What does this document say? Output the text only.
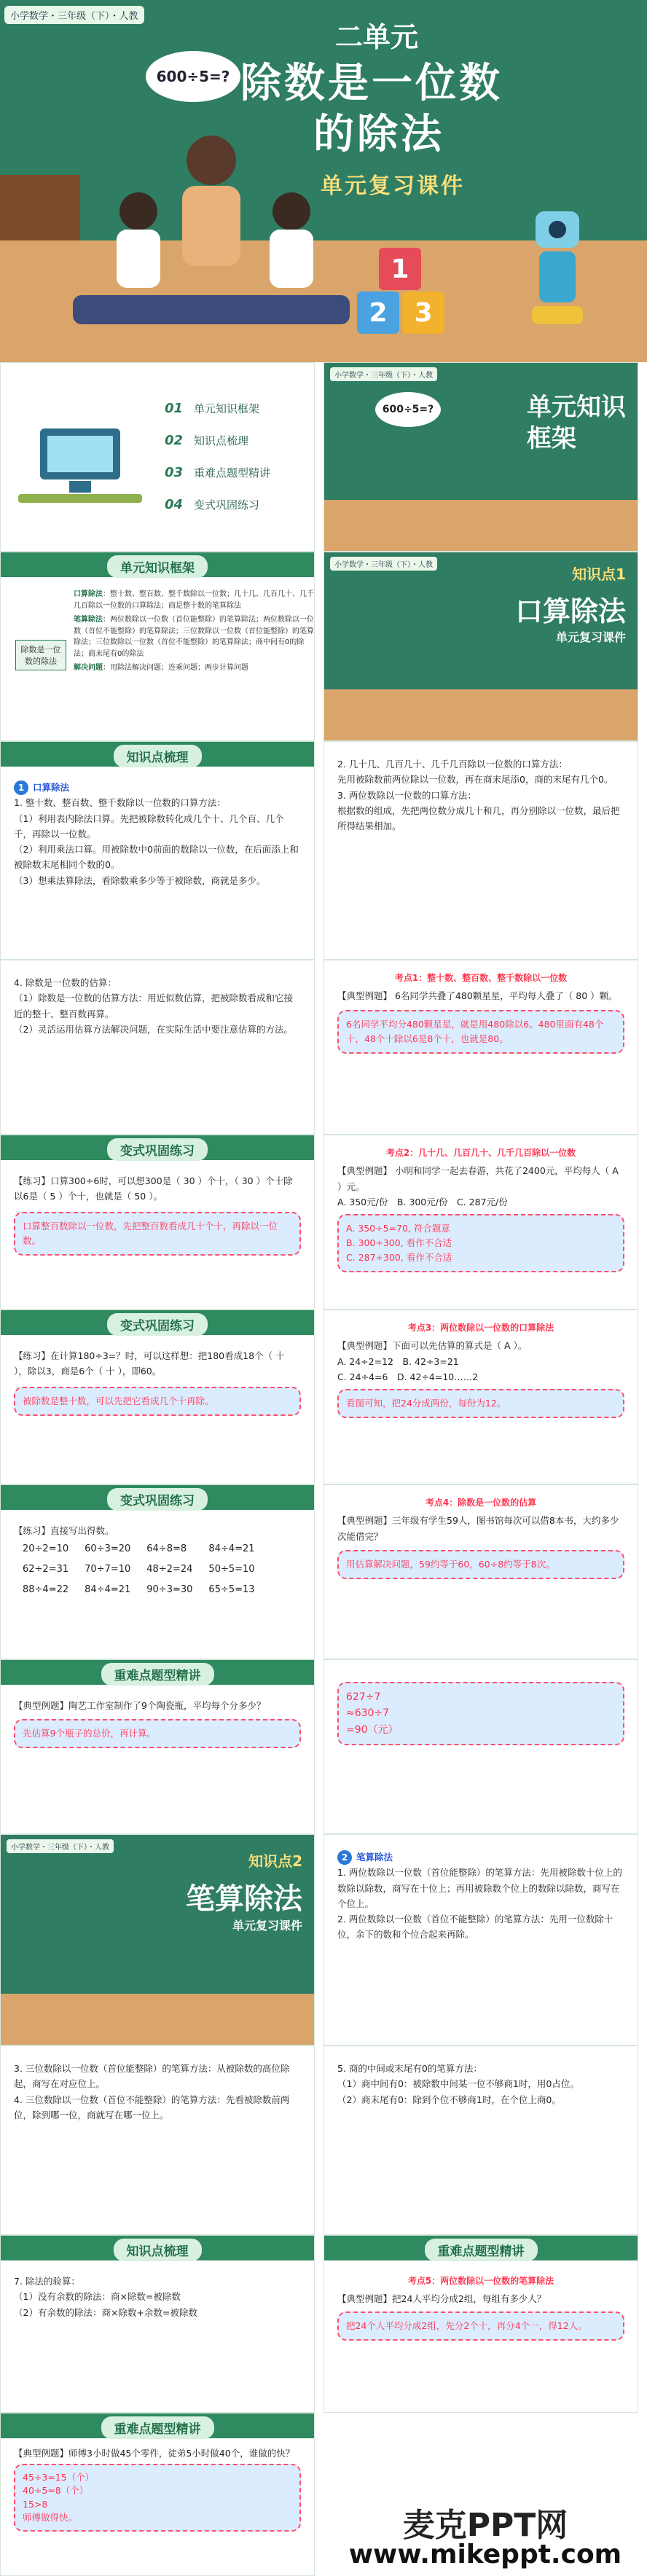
小学数学・三年级（下）・人教
600÷5=?
二单元
除数是一位数
的除法
单元复习课件
1
2	3
01 单元知识框架
02 知识点梳理
03 重难点题型精讲
04 变式巩固练习
小学数学・三年级（下）・人教
单元知识
框架
600÷5=?
单元知识框架
除数是一位数的除法
口算除法：整十数、整百数、整千数除以一位数；几十几、几百几十、几千几百除以一位数的口算除法；商是整十数的笔算除法
笔算除法：两位数除以一位数（首位能整除）的笔算除法；两位数除以一位数（首位不能整除）的笔算除法；三位数除以一位数（首位能整除）的笔算除法；三位数除以一位数（首位不能整除）的笔算除法；商中间有0的除法；商末尾有0的除法
解决问题：用除法解决问题；连乘问题；两步计算问题
小学数学・三年级（下）・人教
知识点1
口算除法
单元复习课件
知识点梳理
1 口算除法
1. 整十数、整百数、整千数除以一位数的口算方法：
（1）利用表内除法口算。先把被除数转化成几个十、几个百、几个千，再除以一位数。
（2）利用乘法口算。用被除数中0前面的数除以一位数，在后面添上和被除数末尾相同个数的0。
（3）想乘法算除法，看除数乘多少等于被除数，商就是多少。
2. 几十几、几百几十、几千几百除以一位数的口算方法：
先用被除数前两位除以一位数，再在商末尾添0，商的末尾有几个0。
3. 两位数除以一位数的口算方法：
根据数的组成，先把两位数分成几十和几，再分别除以一位数，最后把所得结果相加。
4. 除数是一位数的估算：
（1）除数是一位数的估算方法：用近似数估算，把被除数看成和它接近的整十、整百数再算。
（2）灵活运用估算方法解决问题，在实际生活中要注意估算的方法。
考点1：整十数、整百数、整千数除以一位数
【典型例题】 6名同学共叠了480颗星星，平均每人叠了（ 80 ）颗。
6名同学平均分480颗星星，就是用480除以6。480里面有48个十，48个十除以6是8个十，也就是80。
变式巩固练习
【练习】口算300÷6时，可以想300是（ 30 ）个十，（ 30 ）个十除以6是（ 5 ）个十，也就是（ 50 ）。
口算整百数除以一位数，先把整百数看成几十个十，再除以一位数。
考点2：几十几、几百几十、几千几百除以一位数
【典型例题】 小明和同学一起去春游，共花了2400元，平均每人（ A ）元。
A. 350元/份　 B. 300元/份　 C. 287元/份
A. 350÷5=70, 符合题意
B. 300÷300, 看作不合适
C. 287÷300, 看作不合适
变式巩固练习
【练习】在计算180÷3=？时，可以这样想：把180看成18个（ 十 ），除以3，商是6个（ 十 ），即60。
被除数是整十数，可以先把它看成几个十再除。
考点3：两位数除以一位数的口算除法
【典型例题】下面可以先估算的算式是（ A ）。
A. 24÷2=12　 B. 42÷3=21
C. 24÷4=6　 D. 42÷4=10……2
看图可知，把24分成两份，每份为12。
变式巩固练习
【练习】直接写出得数。
20÷2=10	60÷3=20	64÷8=8	84÷4=21
62÷2=31	70÷7=10	48÷2=24	50÷5=10
88÷4=22	84÷4=21	90÷3=30	65÷5=13
考点4：除数是一位数的估算
【典型例题】三年级有学生59人，图书馆每次可以借8本书，大约多少次能借完？
用估算解决问题，59约等于60，60÷8约等于8次。
重难点题型精讲
【典型例题】陶艺工作室制作了9个陶瓷瓶，平均每个分多少？
先估算9个瓶子的总价，再计算。
627÷7
≈630÷7
=90（元）
小学数学・三年级（下）・人教
知识点2
笔算除法
单元复习课件
2 笔算除法
1. 两位数除以一位数（首位能整除）的笔算方法：先用被除数十位上的数除以除数，商写在十位上；再用被除数个位上的数除以除数，商写在个位上。
2. 两位数除以一位数（首位不能整除）的笔算方法：先用一位数除十位，余下的数和个位合起来再除。
3. 三位数除以一位数（首位能整除）的笔算方法：从被除数的高位除起，商写在对应位上。
4. 三位数除以一位数（首位不能整除）的笔算方法：先看被除数前两位，除到哪一位，商就写在哪一位上。
5. 商的中间或末尾有0的笔算方法：
（1）商中间有0：被除数中间某一位不够商1时，用0占位。
（2）商末尾有0：除到个位不够商1时，在个位上商0。
知识点梳理
7. 除法的验算：
（1）没有余数的除法：商×除数=被除数
（2）有余数的除法：商×除数+余数=被除数
重难点题型精讲
考点5：两位数除以一位数的笔算除法
【典型例题】把24人平均分成2组，每组有多少人？
把24个人平均分成2组，先分2个十，再分4个一，得12人。
重难点题型精讲
【典型例题】师傅3小时做45个零件，徒弟5小时做40个，谁做的快？
45÷3=15（个）
40÷5=8（个）
15>8
师傅做得快。	麦克PPT网
www.mikeppt.com
